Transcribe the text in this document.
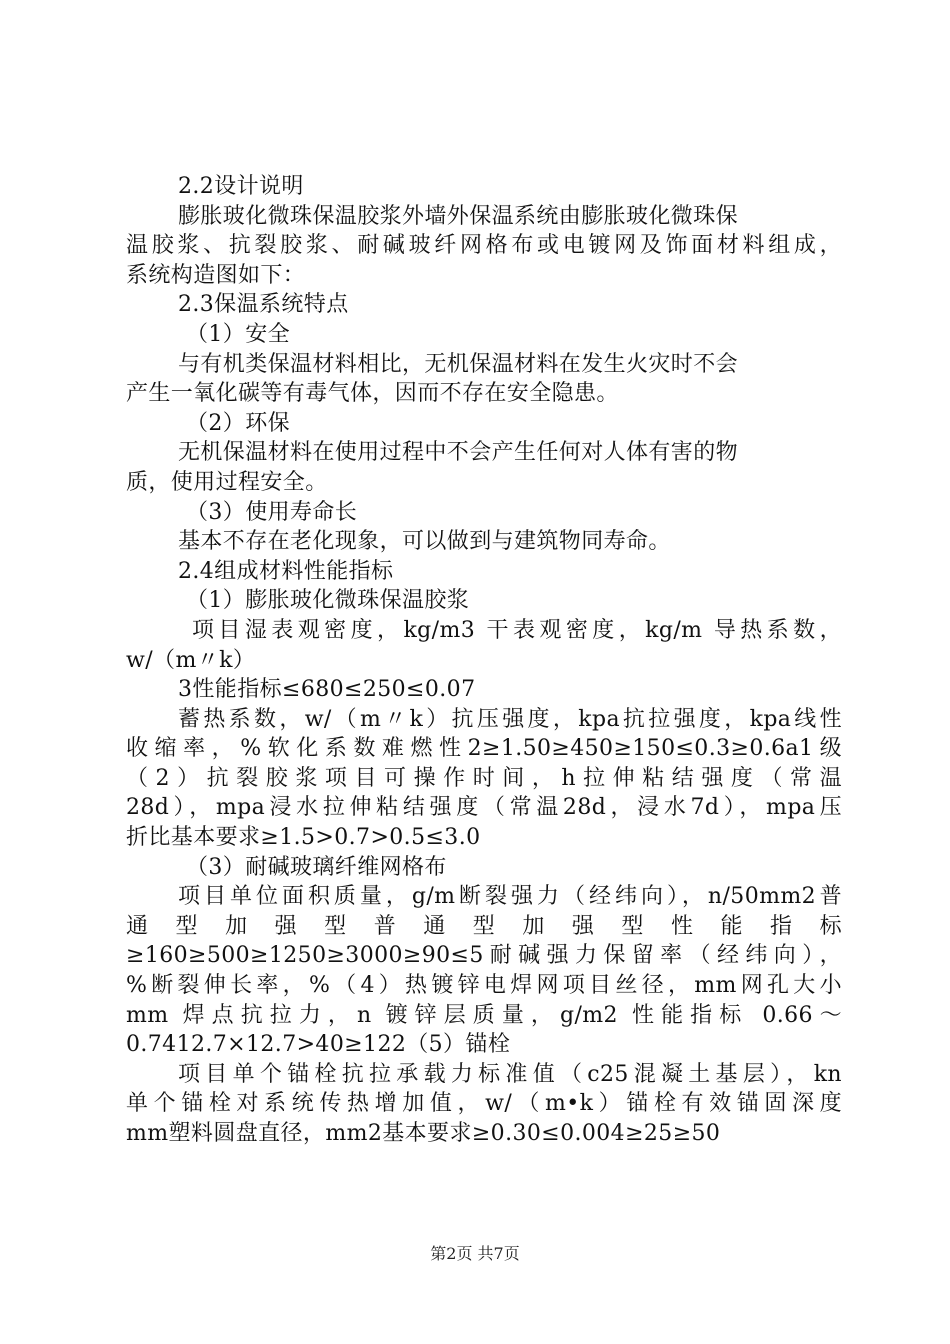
2.2设计说明
膨胀玻化微珠保温胶浆外墙外保温系统由膨胀玻化微珠保
温胶浆、抗裂胶浆、耐碱玻纤网格布或电镀网及饰面材料组成，
系统构造图如下：
2.3保温系统特点
（1）安全
与有机类保温材料相比，无机保温材料在发生火灾时不会
产生一氧化碳等有毒气体，因而不存在安全隐患。
（2）环保
无机保温材料在使用过程中不会产生任何对人体有害的物
质，使用过程安全。
（3）使用寿命长
基本不存在老化现象，可以做到与建筑物同寿命。
2.4组成材料性能指标
（1）膨胀玻化微珠保温胶浆
项目湿表观密度，kg/m3 干表观密度，kg/m 导热系数，
w/（m〃k）
3性能指标≤680≤250≤0.07
蓄热系数，w/（m〃k）抗压强度，kpa抗拉强度，kpa线性
收缩率，%软化系数难燃性2≥1.50≥450≥150≤0.3≥0.6a1级
（2）抗裂胶浆项目可操作时间，h拉伸粘结强度（常温
28d），mpa浸水拉伸粘结强度（常温28d，浸水7d），mpa压
折比基本要求≥1.5>0.7>0.5≤3.0
（3）耐碱玻璃纤维网格布
项目单位面积质量，g/m断裂强力（经纬向），n/50mm2普
通 型 加 强 型 普 通 型 加 强 型 性 能 指 标
≥160≥500≥1250≥3000≥90≤5耐碱强力保留率（经纬向），
%断裂伸长率，%（4）热镀锌电焊网项目丝径，mm网孔大小
mm 焊点抗拉力，n 镀锌层质量，g/m2 性能指标 0.66～
0.7412.7×12.7>40≥122（5）锚栓
项目单个锚栓抗拉承载力标准值（c25混凝土基层），kn
单个锚栓对系统传热增加值，w/（m•k）锚栓有效锚固深度
mm塑料圆盘直径，mm2基本要求≥0.30≤0.004≥25≥50
第2页 共7页
